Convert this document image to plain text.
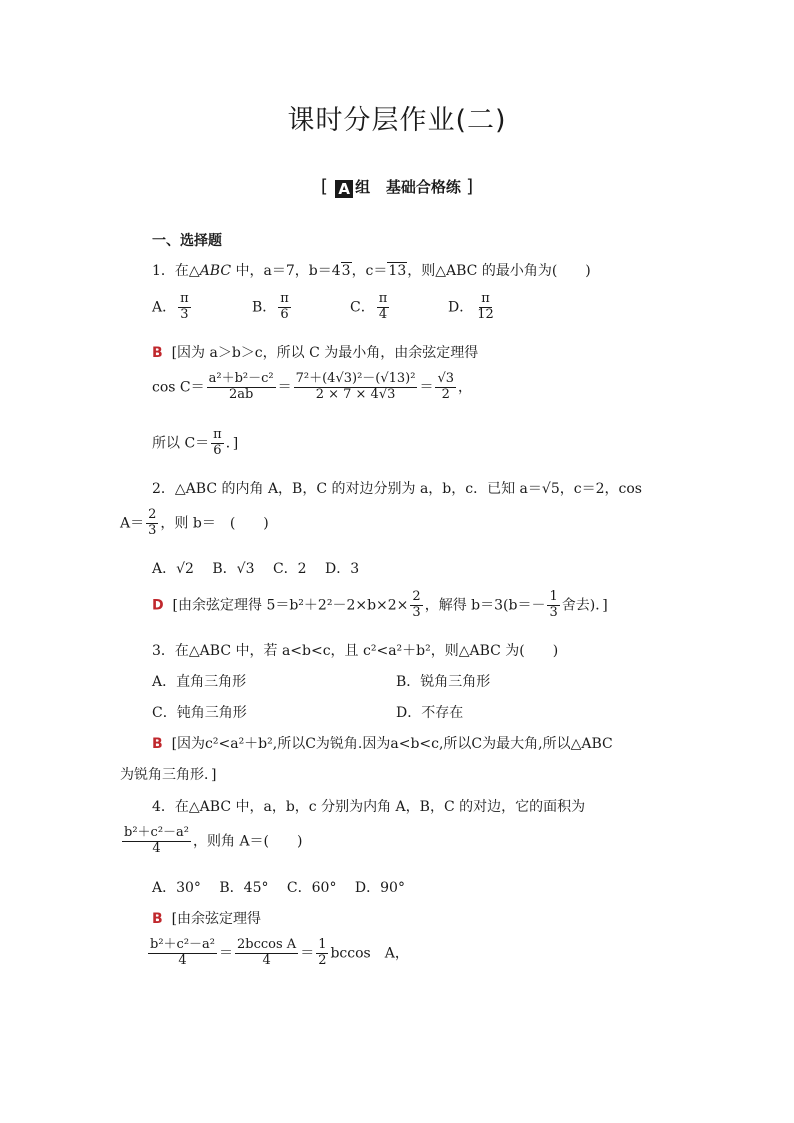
课时分层作业(二)
[ A 组 基础合格练 ]
一、选择题
1．在△ABC 中，a＝7，b＝43，c＝13，则△ABC 的最小角为(　　)
A． $\frac{\pi}{3}$	B． $\frac{\pi}{6}$	C． $\frac{\pi}{4}$	D． $\frac{\pi}{12}$
B [因为 a＞b＞c，所以 C 为最小角，由余弦定理得
$\cos C= \frac{\text{a²＋b²－c²}}{2ab} = \frac{\text{7²＋(4√3)²－(√13)²}}{2 \times 7 \times 4√3} = \frac{√3}{2}$ ，
所以 $C= \frac{\pi}{6}$ ．]
2．△ABC 的内角 A，B，C 的对边分别为 a，b，c．已知 a＝√5，c＝2，cos
$A= \frac{2}{3}$ ，则 b＝　(　　)
A．√2　 B．√3　 C．2　 D．3
D [由余弦定理得 $5=b^2+2^2-2\times b\times 2\times \frac{2}{3}$ ，解得 $b=3(b=- \frac{1}{3}$ 舍去)．]
3．在△ABC 中，若 a<b<c，且 c²<a²＋b²，则△ABC 为(　　)
A．直角三角形	B．锐角三角形
C．钝角三角形	D．不存在
B [因为c²<a²＋b²,所以C为锐角.因为a<b<c,所以C为最大角,所以△ABC
为锐角三角形．]
4．在△ABC 中，a，b，c 分别为内角 A，B，C 的对边，它的面积为
$\frac{\text{b²＋c²－a²}}{4}$ ，则角 A＝(　　)
A．30°　 B．45°　 C．60°　 D．90°
B [由余弦定理得
$\frac{\text{b²＋c²－a²}}{4} = \frac{\text{2bccos A}}{4} = \frac{1}{2}$ bccos　A，
